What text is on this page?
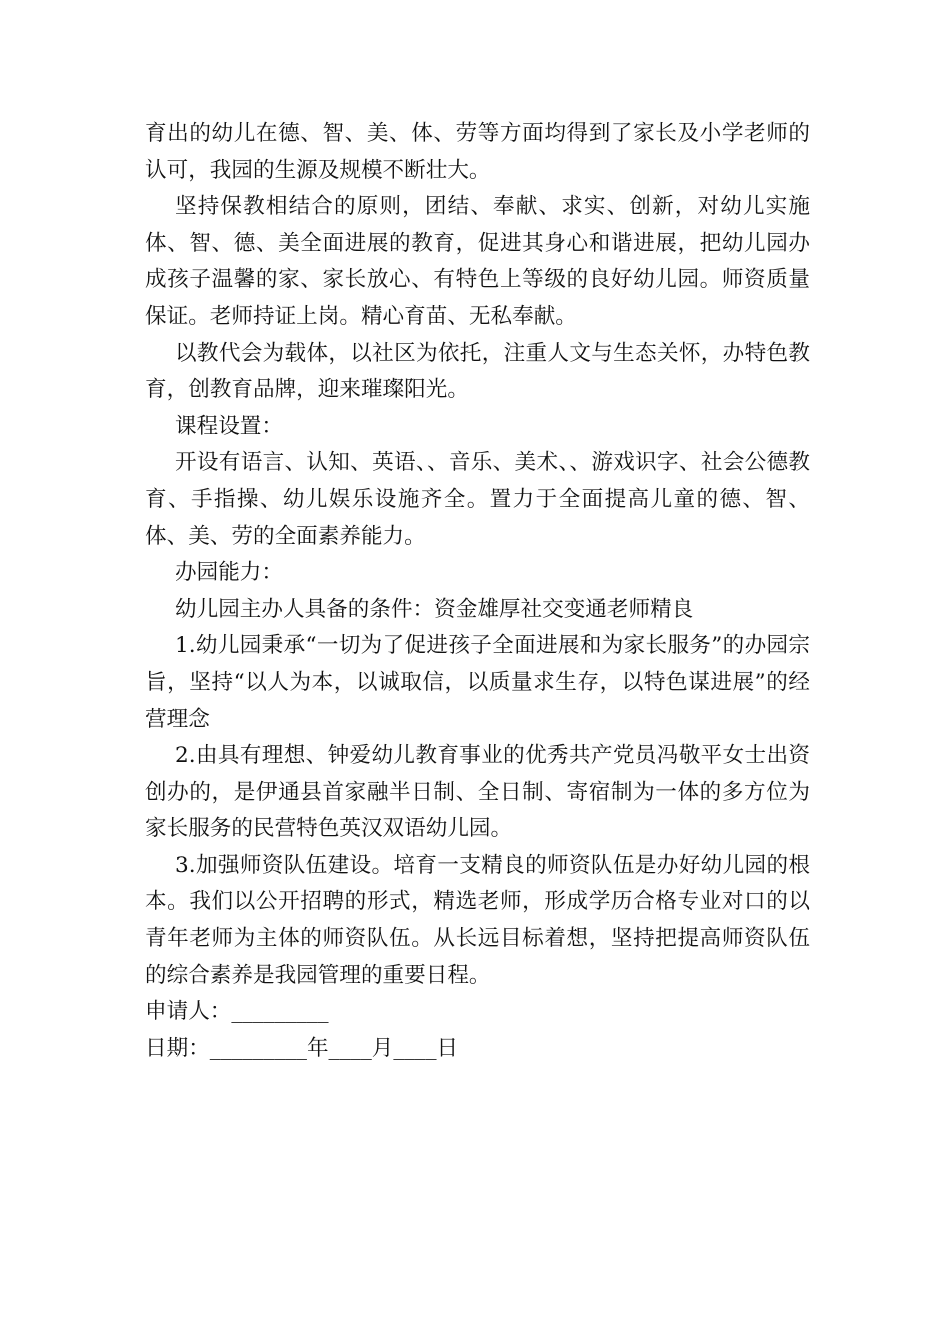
育出的幼儿在德、智、美、体、劳等方面均得到了家长及小学老师的认可，我园的生源及规模不断壮大。

坚持保教相结合的原则，团结、奉献、求实、创新，对幼儿实施体、智、德、美全面进展的教育，促进其身心和谐进展，把幼儿园办成孩子温馨的家、家长放心、有特色上等级的良好幼儿园。师资质量保证。老师持证上岗。精心育苗、无私奉献。

以教代会为载体，以社区为依托，注重人文与生态关怀，办特色教育，创教育品牌，迎来璀璨阳光。

课程设置：

开设有语言、认知、英语、、音乐、美术、、游戏识字、社会公德教育、手指操、幼儿娱乐设施齐全。置力于全面提高儿童的德、智、体、美、劳的全面素养能力。

办园能力：

幼儿园主办人具备的条件：资金雄厚社交变通老师精良

1.幼儿园秉承“一切为了促进孩子全面进展和为家长服务”的办园宗旨，坚持“以人为本，以诚取信，以质量求生存，以特色谋进展”的经营理念

2.由具有理想、钟爱幼儿教育事业的优秀共产党员冯敬平女士出资创办的，是伊通县首家融半日制、全日制、寄宿制为一体的多方位为家长服务的民营特色英汉双语幼儿园。

3.加强师资队伍建设。培育一支精良的师资队伍是办好幼儿园的根本。我们以公开招聘的形式，精选老师，形成学历合格专业对口的以青年老师为主体的师资队伍。从长远目标着想，坚持把提高师资队伍的综合素养是我园管理的重要日程。

申请人：_________

日期：_________年____月____日
